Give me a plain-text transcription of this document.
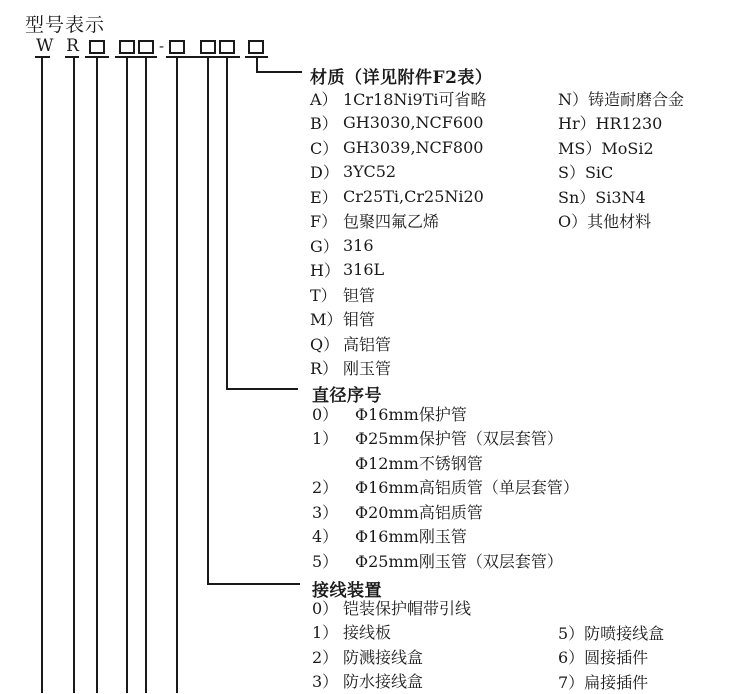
型号表示
W R	-
材质（详见附件F2表）
A） 1Cr18Ni9Ti可省略
B） GH3030,NCF600
C） GH3039,NCF800
D） 3YC52
E） Cr25Ti,Cr25Ni20
F） 包聚四氟乙烯
G） 316
H） 316L
T） 钽管
M） 钼管
Q） 高铝管
R） 刚玉管
N）铸造耐磨合金
Hr）HR1230
MS）MoSi2
S）SiC
Sn）Si3N4
O）其他材料
直径序号
0）	Φ16mm保护管
1）	Φ25mm保护管（双层套管）
Φ12mm不锈钢管
2）	Φ16mm高铝质管（单层套管）
3）	Φ20mm高铝质管
4）	Φ16mm刚玉管
5）	Φ25mm刚玉管（双层套管）
接线装置
0） 铠装保护帽带引线
1） 接线板
2） 防溅接线盒
3） 防水接线盒
5）防喷接线盒
6）圆接插件
7）扁接插件
